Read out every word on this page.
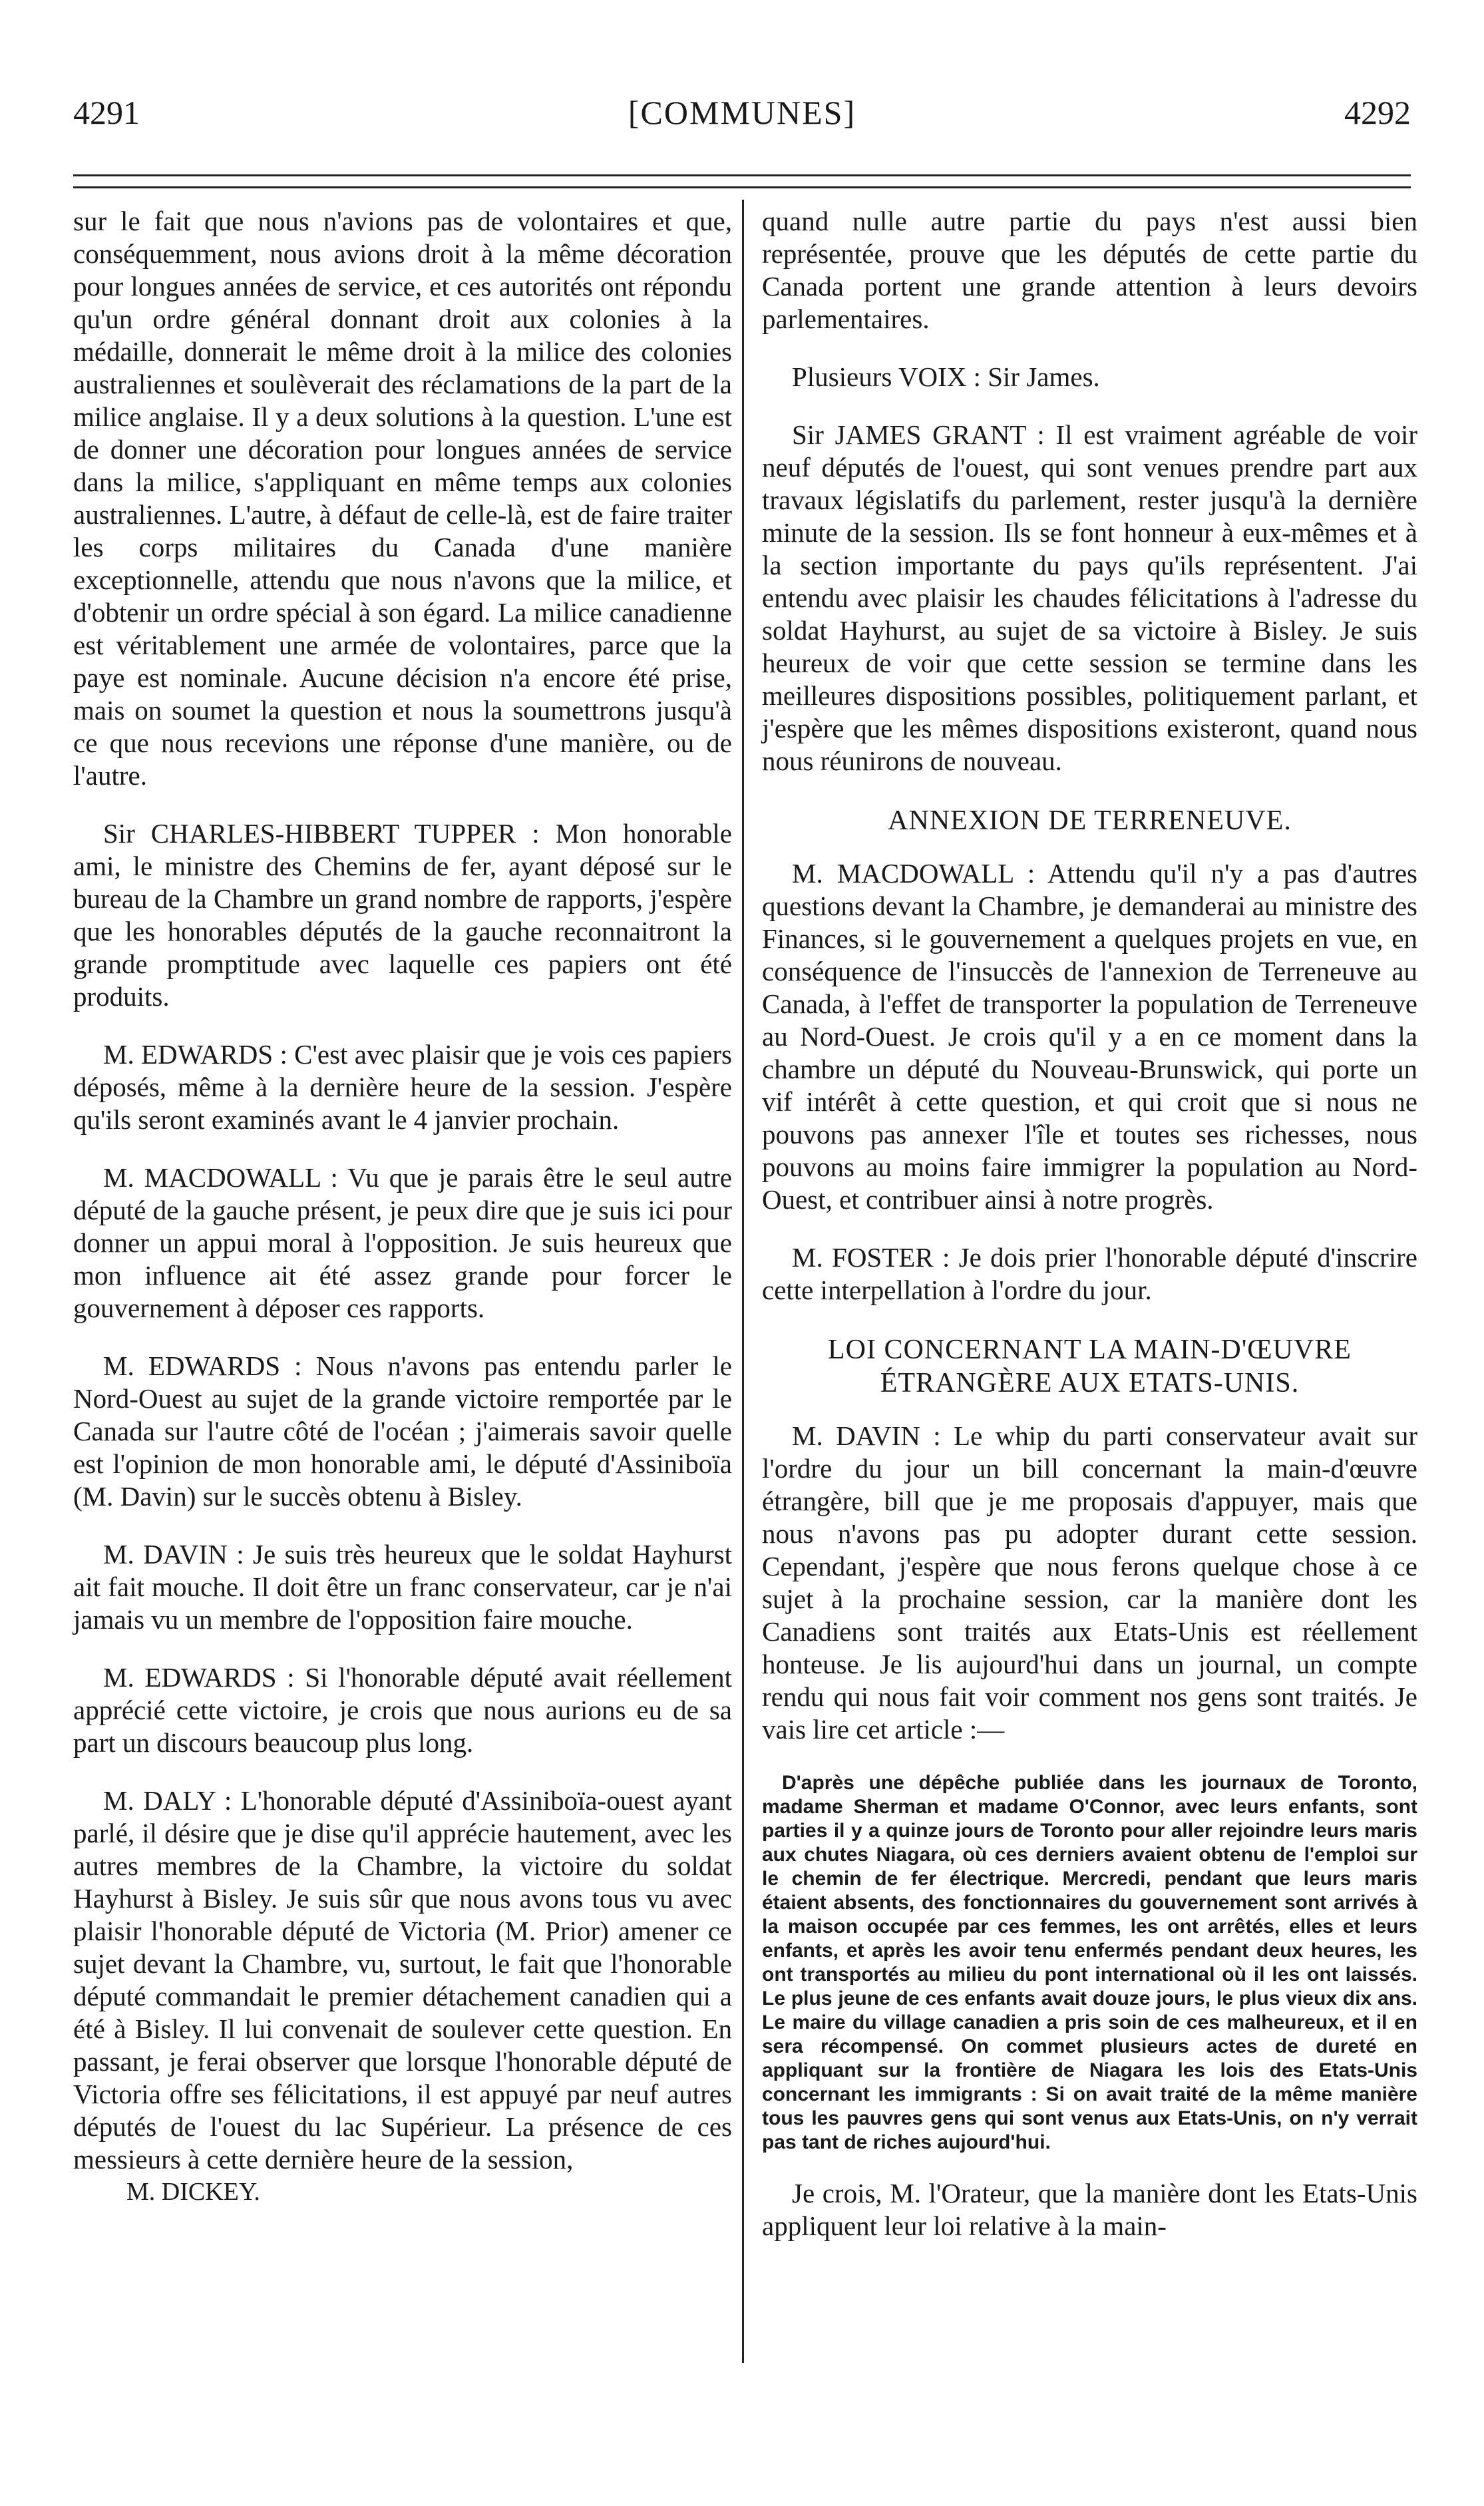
4291	[COMMUNES]	4292

sur le fait que nous n'avions pas de volontaires et que, conséquemment, nous avions droit à la même décoration pour longues années de service, et ces autorités ont répondu qu'un ordre général donnant droit aux colonies à la médaille, donnerait le même droit à la milice des colonies australiennes et soulèverait des réclamations de la part de la milice anglaise. Il y a deux solutions à la question. L'une est de donner une décoration pour longues années de service dans la milice, s'appliquant en même temps aux colonies australiennes. L'autre, à défaut de celle-là, est de faire traiter les corps militaires du Canada d'une manière exceptionnelle, attendu que nous n'avons que la milice, et d'obtenir un ordre spécial à son égard. La milice canadienne est véritablement une armée de volontaires, parce que la paye est nominale. Aucune décision n'a encore été prise, mais on soumet la question et nous la soumettrons jusqu'à ce que nous recevions une réponse d'une manière, ou de l'autre.

Sir CHARLES-HIBBERT TUPPER : Mon honorable ami, le ministre des Chemins de fer, ayant déposé sur le bureau de la Chambre un grand nombre de rapports, j'espère que les honorables députés de la gauche reconnaitront la grande promptitude avec laquelle ces papiers ont été produits.

M. EDWARDS : C'est avec plaisir que je vois ces papiers déposés, même à la dernière heure de la session. J'espère qu'ils seront examinés avant le 4 janvier prochain.

M. MACDOWALL : Vu que je parais être le seul autre député de la gauche présent, je peux dire que je suis ici pour donner un appui moral à l'opposition. Je suis heureux que mon influence ait été assez grande pour forcer le gouvernement à déposer ces rapports.

M. EDWARDS : Nous n'avons pas entendu parler le Nord-Ouest au sujet de la grande victoire remportée par le Canada sur l'autre côté de l'océan ; j'aimerais savoir quelle est l'opinion de mon honorable ami, le député d'Assiniboïa (M. Davin) sur le succès obtenu à Bisley.

M. DAVIN : Je suis très heureux que le soldat Hayhurst ait fait mouche. Il doit être un franc conservateur, car je n'ai jamais vu un membre de l'opposition faire mouche.

M. EDWARDS : Si l'honorable député avait réellement apprécié cette victoire, je crois que nous aurions eu de sa part un discours beaucoup plus long.

M. DALY : L'honorable député d'Assiniboïa-ouest ayant parlé, il désire que je dise qu'il apprécie hautement, avec les autres membres de la Chambre, la victoire du soldat Hayhurst à Bisley. Je suis sûr que nous avons tous vu avec plaisir l'honorable député de Victoria (M. Prior) amener ce sujet devant la Chambre, vu, surtout, le fait que l'honorable député commandait le premier détachement canadien qui a été à Bisley. Il lui convenait de soulever cette question. En passant, je ferai observer que lorsque l'honorable député de Victoria offre ses félicitations, il est appuyé par neuf autres députés de l'ouest du lac Supérieur. La présence de ces messieurs à cette dernière heure de la session,

M. DICKEY.

quand nulle autre partie du pays n'est aussi bien représentée, prouve que les députés de cette partie du Canada portent une grande attention à leurs devoirs parlementaires.

Plusieurs VOIX : Sir James.

Sir JAMES GRANT : Il est vraiment agréable de voir neuf députés de l'ouest, qui sont venues prendre part aux travaux législatifs du parlement, rester jusqu'à la dernière minute de la session. Ils se font honneur à eux-mêmes et à la section importante du pays qu'ils représentent. J'ai entendu avec plaisir les chaudes félicitations à l'adresse du soldat Hayhurst, au sujet de sa victoire à Bisley. Je suis heureux de voir que cette session se termine dans les meilleures dispositions possibles, politiquement parlant, et j'espère que les mêmes dispositions existeront, quand nous nous réunirons de nouveau.

ANNEXION DE TERRENEUVE.

M. MACDOWALL : Attendu qu'il n'y a pas d'autres questions devant la Chambre, je demanderai au ministre des Finances, si le gouvernement a quelques projets en vue, en conséquence de l'insuccès de l'annexion de Terreneuve au Canada, à l'effet de transporter la population de Terreneuve au Nord-Ouest. Je crois qu'il y a en ce moment dans la chambre un député du Nouveau-Brunswick, qui porte un vif intérêt à cette question, et qui croit que si nous ne pouvons pas annexer l'île et toutes ses richesses, nous pouvons au moins faire immigrer la population au Nord-Ouest, et contribuer ainsi à notre progrès.

M. FOSTER : Je dois prier l'honorable député d'inscrire cette interpellation à l'ordre du jour.

LOI CONCERNANT LA MAIN-D'ŒUVRE ÉTRANGÈRE AUX ETATS-UNIS.

M. DAVIN : Le whip du parti conservateur avait sur l'ordre du jour un bill concernant la main-d'œuvre étrangère, bill que je me proposais d'appuyer, mais que nous n'avons pas pu adopter durant cette session. Cependant, j'espère que nous ferons quelque chose à ce sujet à la prochaine session, car la manière dont les Canadiens sont traités aux Etats-Unis est réellement honteuse. Je lis aujourd'hui dans un journal, un compte rendu qui nous fait voir comment nos gens sont traités. Je vais lire cet article :—

D'après une dépêche publiée dans les journaux de Toronto, madame Sherman et madame O'Connor, avec leurs enfants, sont parties il y a quinze jours de Toronto pour aller rejoindre leurs maris aux chutes Niagara, où ces derniers avaient obtenu de l'emploi sur le chemin de fer électrique. Mercredi, pendant que leurs maris étaient absents, des fonctionnaires du gouvernement sont arrivés à la maison occupée par ces femmes, les ont arrêtés, elles et leurs enfants, et après les avoir tenu enfermés pendant deux heures, les ont transportés au milieu du pont international où il les ont laissés. Le plus jeune de ces enfants avait douze jours, le plus vieux dix ans. Le maire du village canadien a pris soin de ces malheureux, et il en sera récompensé. On commet plusieurs actes de dureté en appliquant sur la frontière de Niagara les lois des Etats-Unis concernant les immigrants : Si on avait traité de la même manière tous les pauvres gens qui sont venus aux Etats-Unis, on n'y verrait pas tant de riches aujourd'hui.

Je crois, M. l'Orateur, que la manière dont les Etats-Unis appliquent leur loi relative à la main-
